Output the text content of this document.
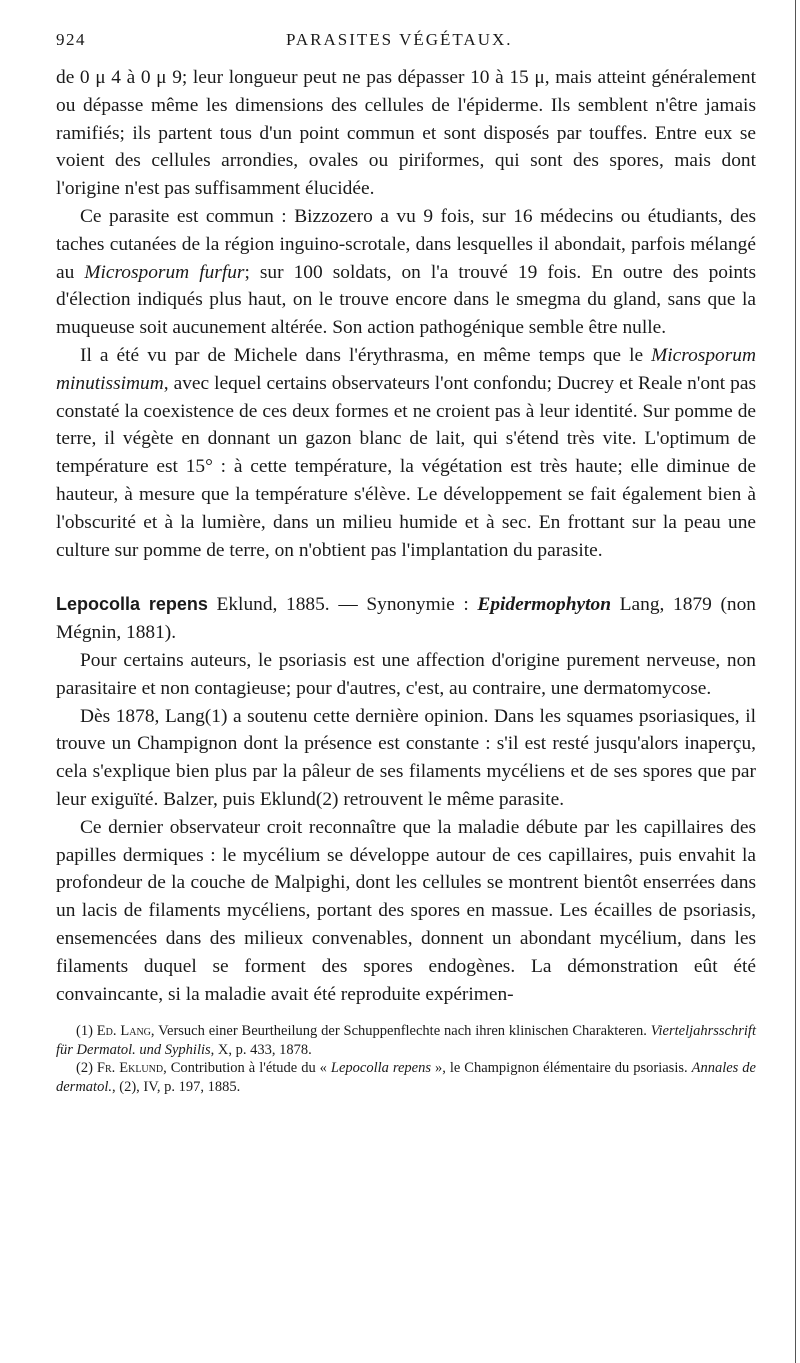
924	PARASITES VÉGÉTAUX.

de 0 μ 4 à 0 μ 9; leur longueur peut ne pas dépasser 10 à 15 μ, mais atteint généralement ou dépasse même les dimensions des cellules de l'épiderme. Ils semblent n'être jamais ramifiés; ils partent tous d'un point commun et sont disposés par touffes. Entre eux se voient des cellules arrondies, ovales ou piriformes, qui sont des spores, mais dont l'origine n'est pas suffisamment élucidée.

Ce parasite est commun : Bizzozero a vu 9 fois, sur 16 médecins ou étudiants, des taches cutanées de la région inguino-scrotale, dans lesquelles il abondait, parfois mélangé au Microsporum furfur; sur 100 soldats, on l'a trouvé 19 fois. En outre des points d'élection indiqués plus haut, on le trouve encore dans le smegma du gland, sans que la muqueuse soit aucunement altérée. Son action pathogénique semble être nulle.

Il a été vu par de Michele dans l'érythrasma, en même temps que le Microsporum minutissimum, avec lequel certains observateurs l'ont confondu; Ducrey et Reale n'ont pas constaté la coexistence de ces deux formes et ne croient pas à leur identité. Sur pomme de terre, il végète en donnant un gazon blanc de lait, qui s'étend très vite. L'optimum de température est 15° : à cette température, la végétation est très haute; elle diminue de hauteur, à mesure que la température s'élève. Le développement se fait également bien à l'obscurité et à la lumière, dans un milieu humide et à sec. En frottant sur la peau une culture sur pomme de terre, on n'obtient pas l'implantation du parasite.

Lepocolla repens Eklund, 1885. — Synonymie : Epidermophyton Lang, 1879 (non Mégnin, 1881).

Pour certains auteurs, le psoriasis est une affection d'origine purement nerveuse, non parasitaire et non contagieuse; pour d'autres, c'est, au contraire, une dermatomycose.

Dès 1878, Lang(1) a soutenu cette dernière opinion. Dans les squames psoriasiques, il trouve un Champignon dont la présence est constante : s'il est resté jusqu'alors inaperçu, cela s'explique bien plus par la pâleur de ses filaments mycéliens et de ses spores que par leur exiguïté. Balzer, puis Eklund(2) retrouvent le même parasite.

Ce dernier observateur croit reconnaître que la maladie débute par les capillaires des papilles dermiques : le mycélium se développe autour de ces capillaires, puis envahit la profondeur de la couche de Malpighi, dont les cellules se montrent bientôt enserrées dans un lacis de filaments mycéliens, portant des spores en massue. Les écailles de psoriasis, ensemencées dans des milieux convenables, donnent un abondant mycélium, dans les filaments duquel se forment des spores endogènes. La démonstration eût été convaincante, si la maladie avait été reproduite expérimen-

(1) Ed. Lang, Versuch einer Beurtheilung der Schuppenflechte nach ihren klinischen Charakteren. Vierteljahrsschrift für Dermatol. und Syphilis, X, p. 433, 1878.

(2) Fr. Eklund, Contribution à l'étude du « Lepocolla repens », le Champignon élémentaire du psoriasis. Annales de dermatol., (2), IV, p. 197, 1885.
